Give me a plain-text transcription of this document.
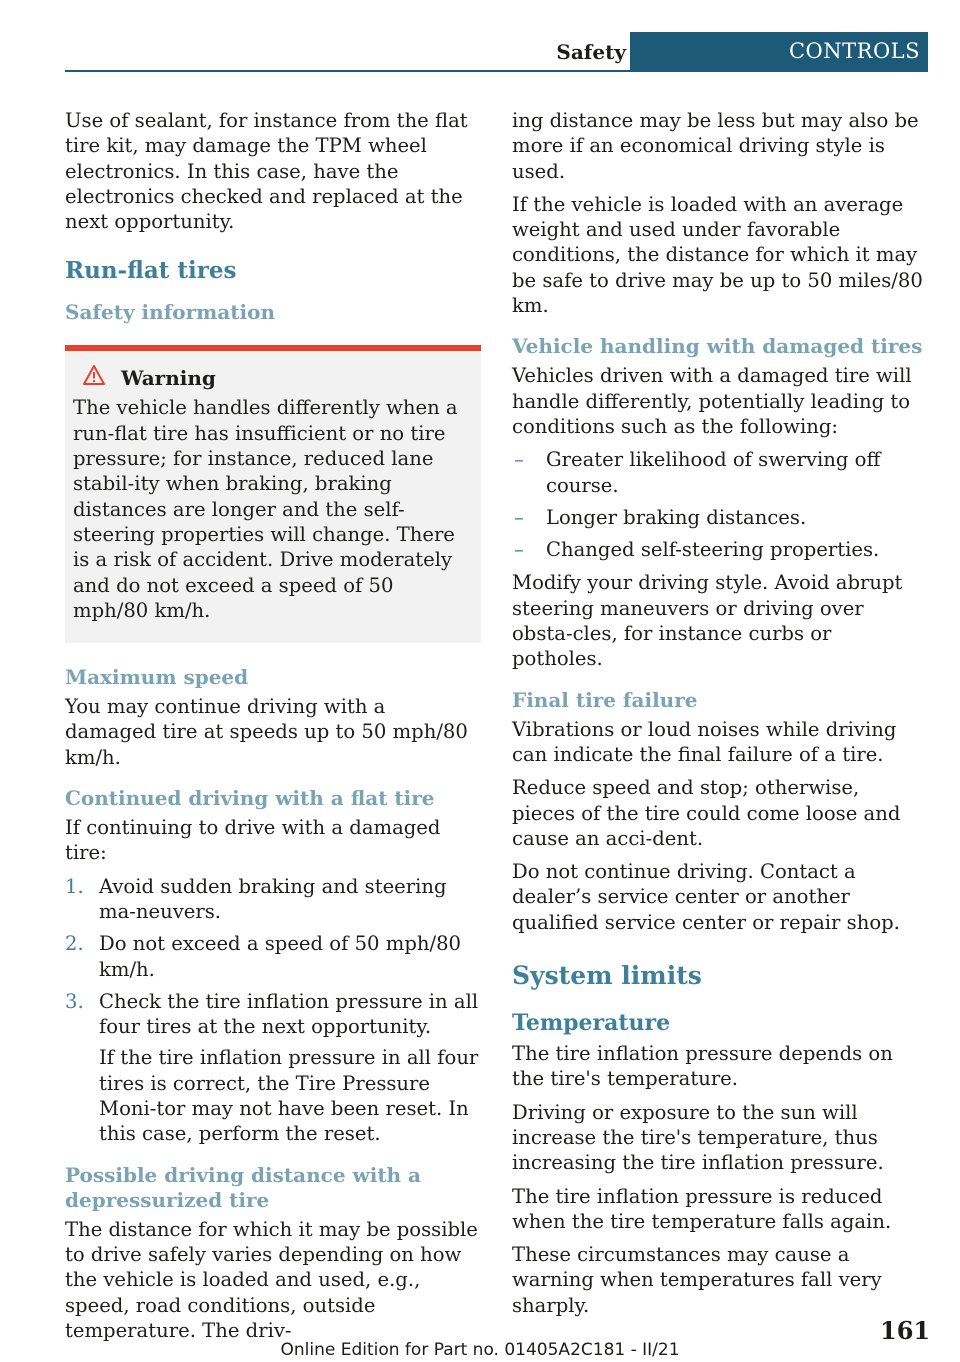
Safety	CONTROLS

Use of sealant, for instance from the flat tire kit, may damage the TPM wheel electronics. In this case, have the electronics checked and replaced at the next opportunity.

Run-flat tires
Safety information
Warning

The vehicle handles differently when a run-flat tire has insufficient or no tire pressure; for instance, reduced lane stabil-ity when braking, braking distances are longer and the self-steering properties will change. There is a risk of accident. Drive moderately and do not exceed a speed of 50 mph/80 km/h.

Maximum speed

You may continue driving with a damaged tire at speeds up to 50 mph/80 km/h.

Continued driving with a flat tire

If continuing to drive with a damaged tire:

1. Avoid sudden braking and steering ma-neuvers.
2. Do not exceed a speed of 50 mph/80 km/h.
3. Check the tire inflation pressure in all four tires at the next opportunity.

If the tire inflation pressure in all four tires is correct, the Tire Pressure Moni-tor may not have been reset. In this case, perform the reset.

Possible driving distance with a depressurized tire

The distance for which it may be possible to drive safely varies depending on how the vehicle is loaded and used, e.g., speed, road conditions, outside temperature. The driv-

ing distance may be less but may also be more if an economical driving style is used.

If the vehicle is loaded with an average weight and used under favorable conditions, the distance for which it may be safe to drive may be up to 50 miles/80 km.

Vehicle handling with damaged tires

Vehicles driven with a damaged tire will handle differently, potentially leading to conditions such as the following:

– Greater likelihood of swerving off course.
– Longer braking distances.
– Changed self-steering properties.

Modify your driving style. Avoid abrupt steering maneuvers or driving over obsta-cles, for instance curbs or potholes.

Final tire failure

Vibrations or loud noises while driving can indicate the final failure of a tire.

Reduce speed and stop; otherwise, pieces of the tire could come loose and cause an acci-dent.

Do not continue driving. Contact a dealer’s service center or another qualified service center or repair shop.

System limits
Temperature

The tire inflation pressure depends on the tire's temperature.

Driving or exposure to the sun will increase the tire's temperature, thus increasing the tire inflation pressure.

The tire inflation pressure is reduced when the tire temperature falls again.

These circumstances may cause a warning when temperatures fall very sharply.

161
Online Edition for Part no. 01405A2C181 - II/21
